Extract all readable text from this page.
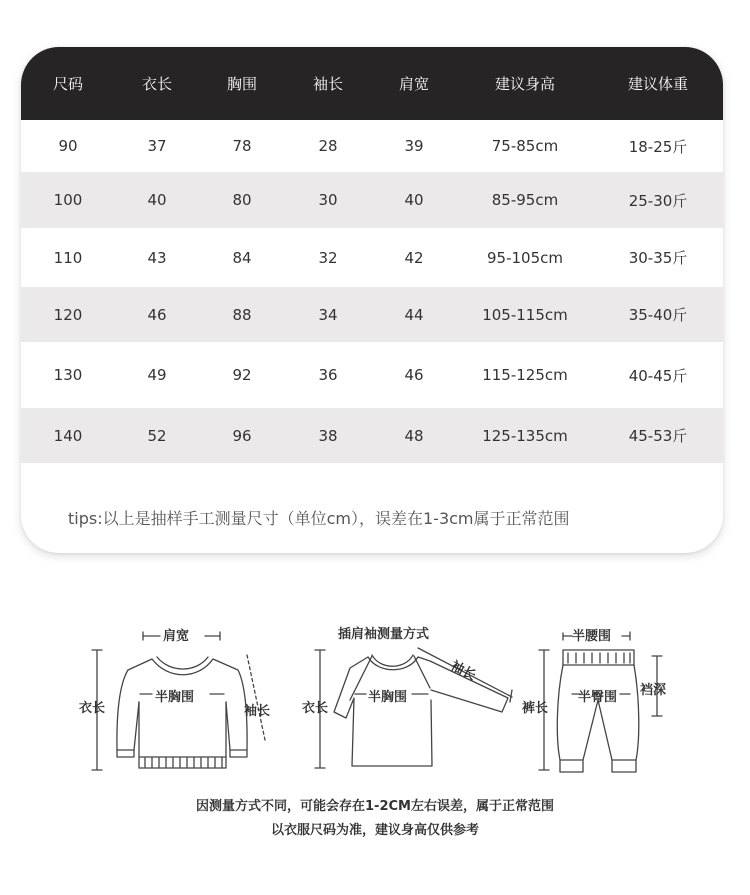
尺码	衣长	胸围	袖长	肩宽	建议身高	建议体重
90	37	78	28	39	75-85cm	18-25斤
100	40	80	30	40	85-95cm	25-30斤
110	43	84	32	42	95-105cm	30-35斤
120	46	88	34	44	105-115cm	35-40斤
130	49	92	36	46	115-125cm	40-45斤
140	52	96	38	48	125-135cm	45-53斤
tips:以上是抽样手工测量尺寸（单位cm），误差在1-3cm属于正常范围
肩宽
衣长
半胸围
袖长
插肩袖测量方式
衣长
半胸围
袖长
半腰围
裤长
半臀围 裆深
因测量方式不同，可能会存在1-2CM左右误差，属于正常范围
以衣服尺码为准，建议身高仅供参考
